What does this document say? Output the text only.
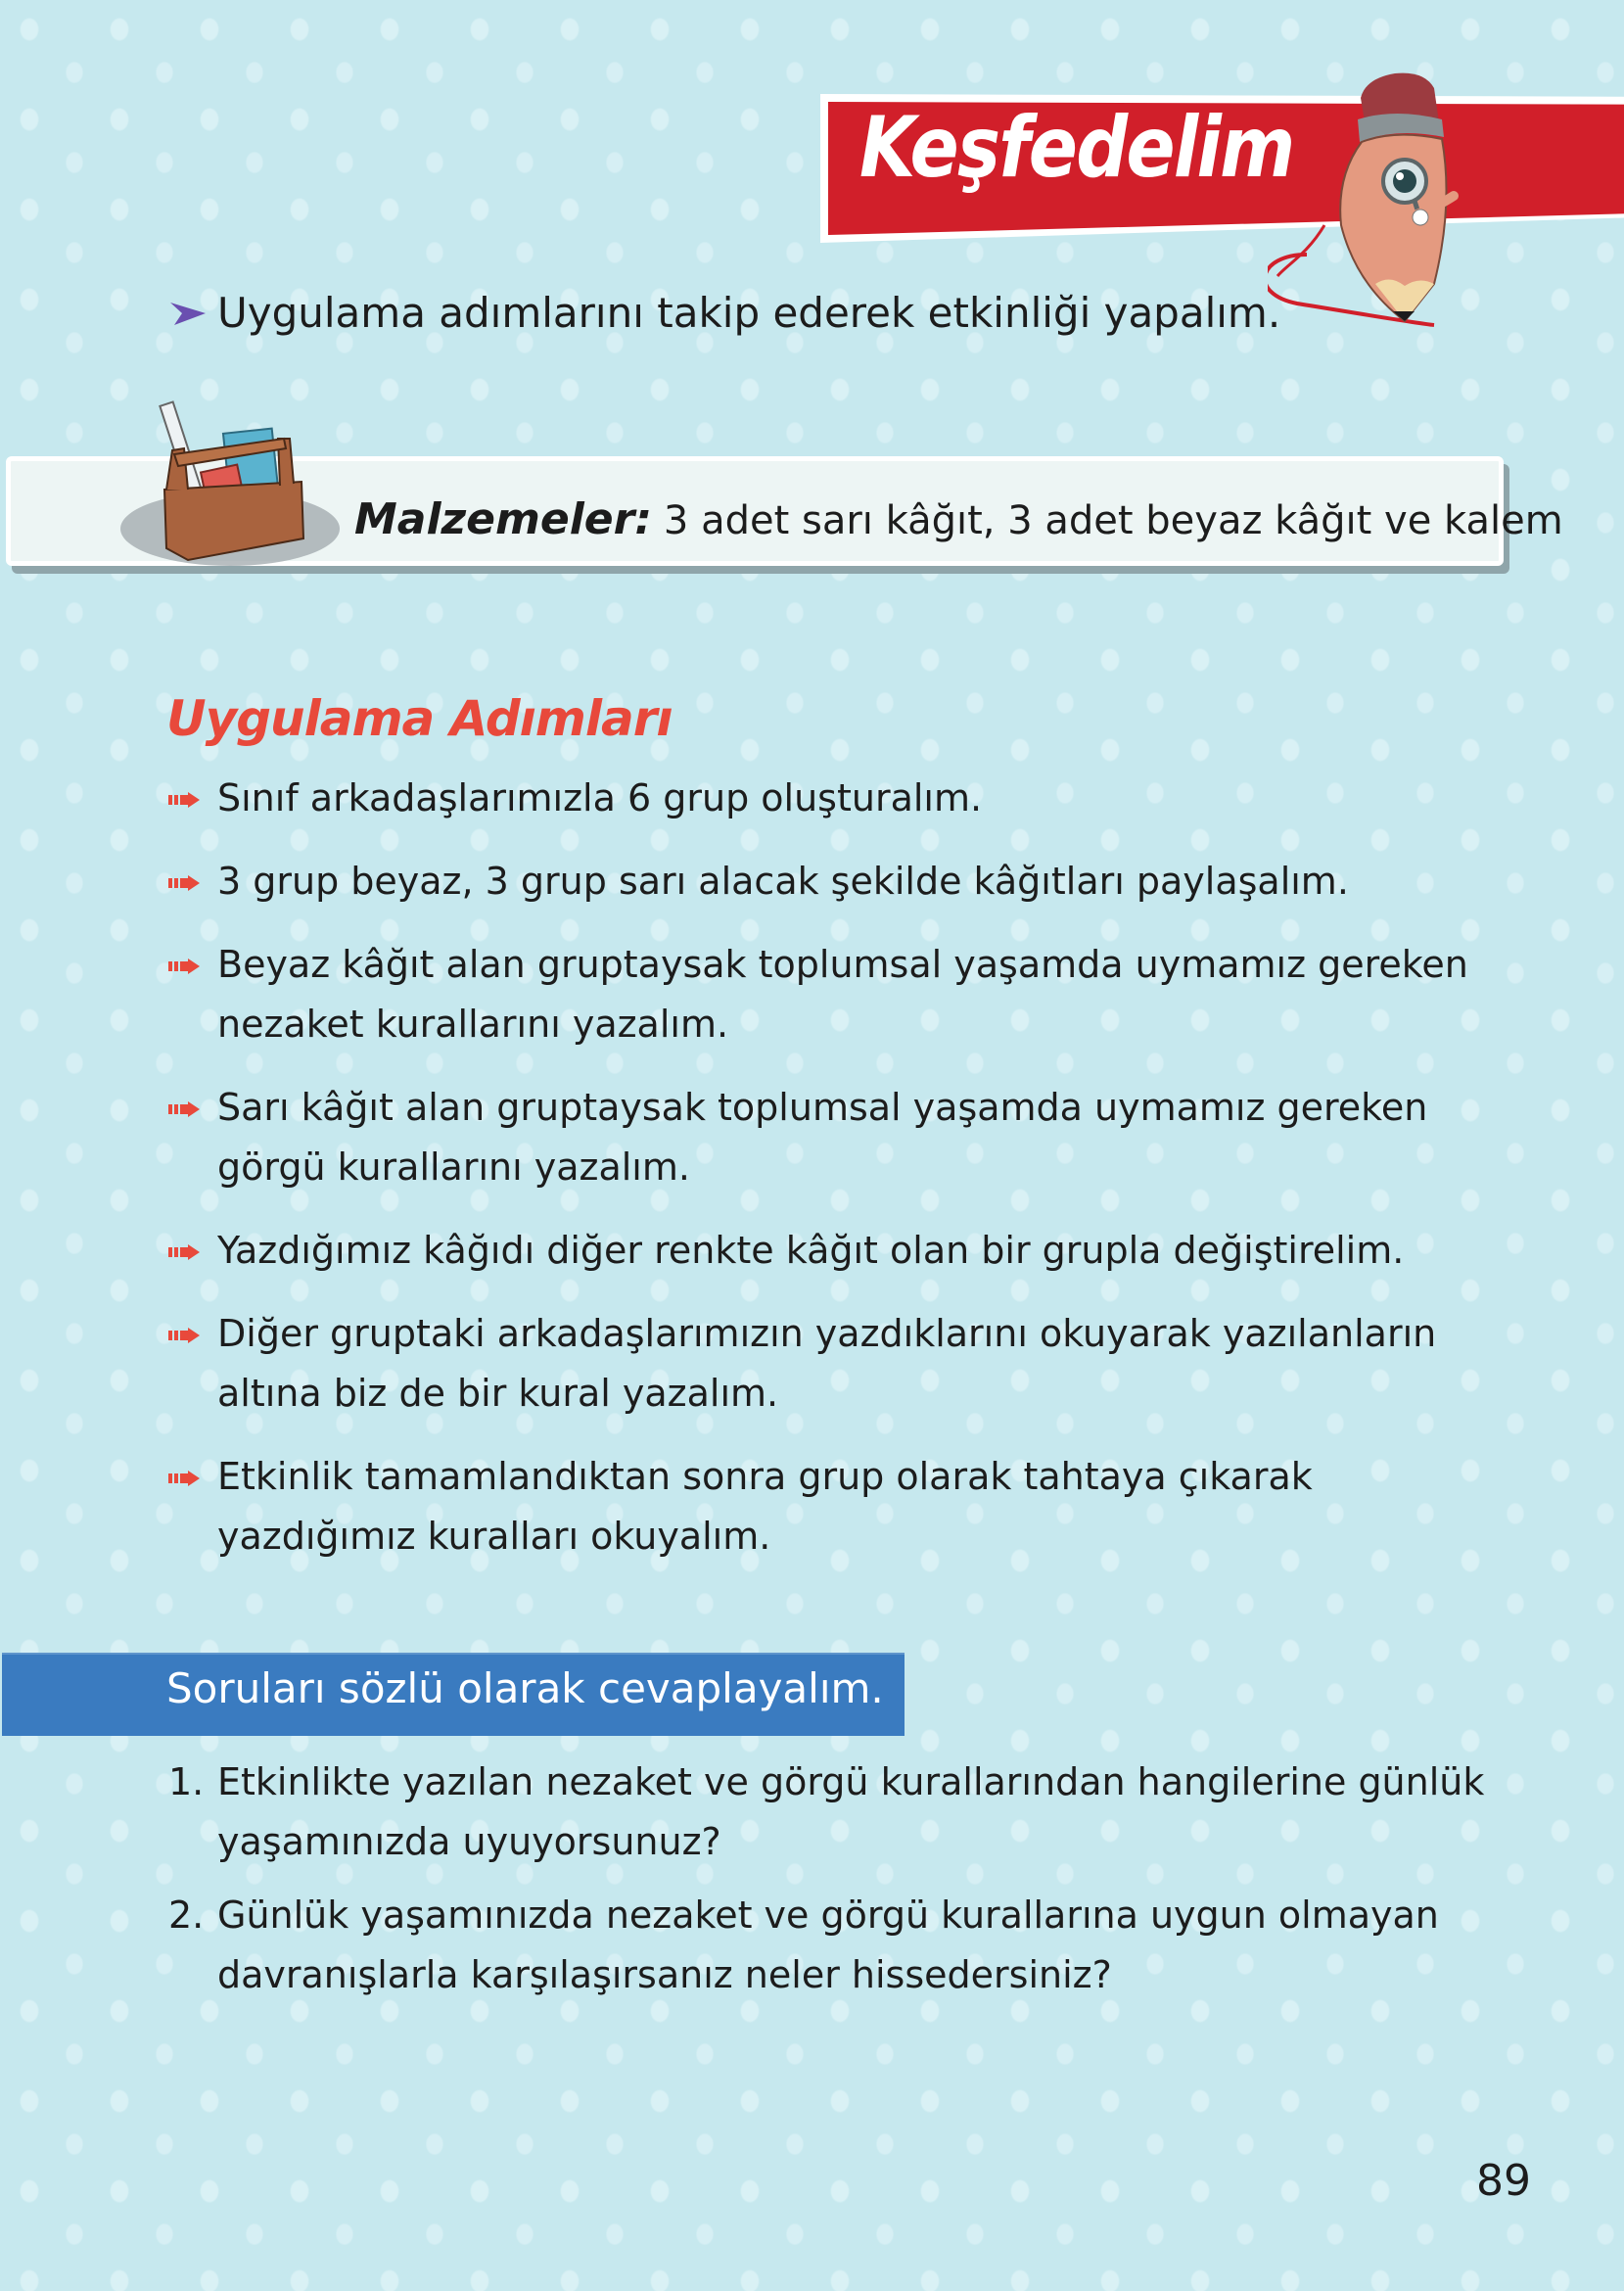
Keşfedelim
Uygulama adımlarını takip ederek etkinliği yapalım.
Malzemeler: 3 adet sarı kâğıt, 3 adet beyaz kâğıt ve kalem
Uygulama Adımları
Sınıf arkadaşlarımızla 6 grup oluşturalım.
3 grup beyaz, 3 grup sarı alacak şekilde kâğıtları paylaşalım.
Beyaz kâğıt alan gruptaysak toplumsal yaşamda uymamız gereken nezaket kurallarını yazalım.
Sarı kâğıt alan gruptaysak toplumsal yaşamda uymamız gereken görgü kurallarını yazalım.
Yazdığımız kâğıdı diğer renkte kâğıt olan bir grupla değiştirelim.
Diğer gruptaki arkadaşlarımızın yazdıklarını okuyarak yazılanların altına biz de bir kural yazalım.
Etkinlik tamamlandıktan sonra grup olarak tahtaya çıkarak yazdığımız kuralları okuyalım.
Soruları sözlü olarak cevaplayalım.
1. Etkinlikte yazılan nezaket ve görgü kurallarından hangilerine günlük yaşamınızda uyuyorsunuz?
2. Günlük yaşamınızda nezaket ve görgü kurallarına uygun olmayan davranışlarla karşılaşırsanız neler hissedersiniz?
89
